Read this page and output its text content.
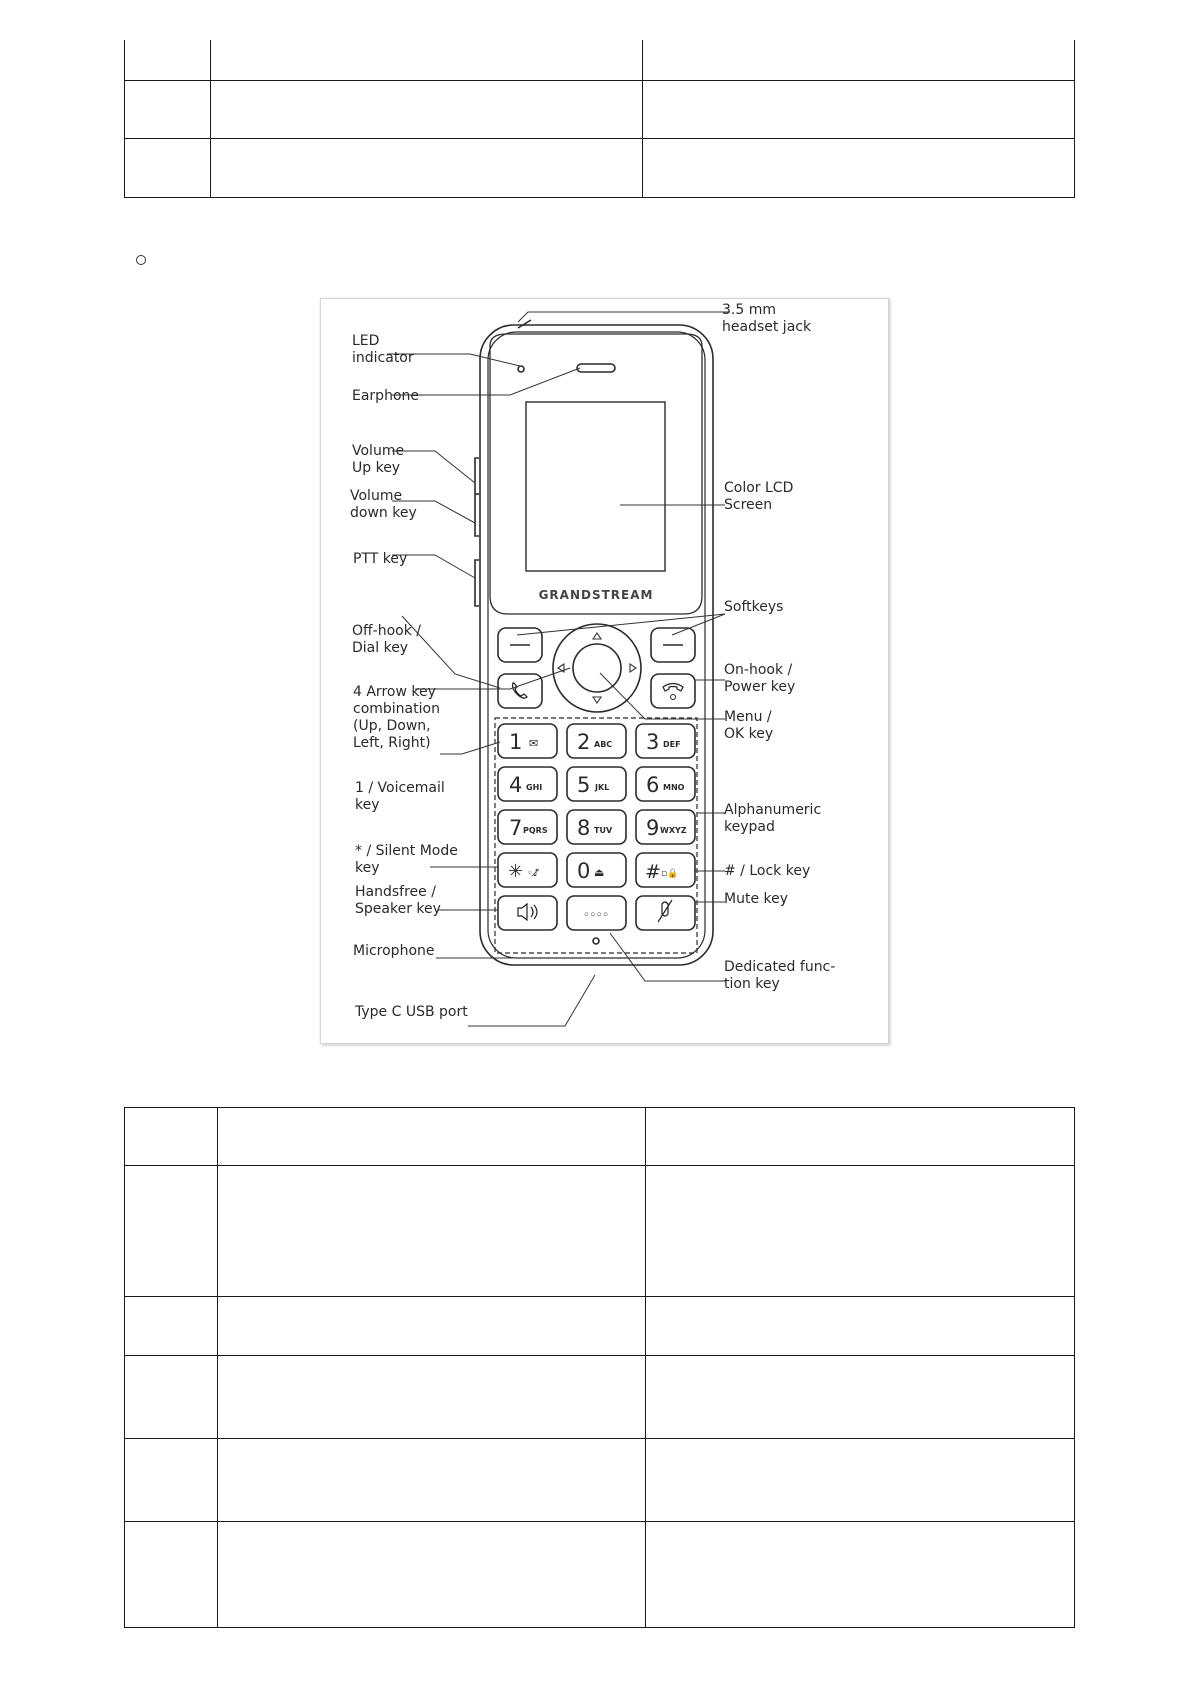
GRANDSTREAM
1 ✉ 2 ABC 3 DEF
4 GHI 5 JKL 6 MNO
7 PQRS 8 TUV 9 WXYZ
✳ ◦♪̸ 0 ⏏ # ▫🔒
◦◦◦◦
LED
indicator
Earphone
Volume
Up key
Volume
down key
PTT key
Off-hook /
Dial key
4 Arrow key
combination
(Up, Down,
Left, Right)
1 / Voicemail
key
* / Silent Mode
key
Handsfree /
Speaker key
Microphone
Type C USB port
3.5 mm
headset jack
Color LCD
Screen
Softkeys
On-hook /
Power key
Menu /
OK key
Alphanumeric
keypad
# / Lock key
Mute key
Dedicated func-
tion key
